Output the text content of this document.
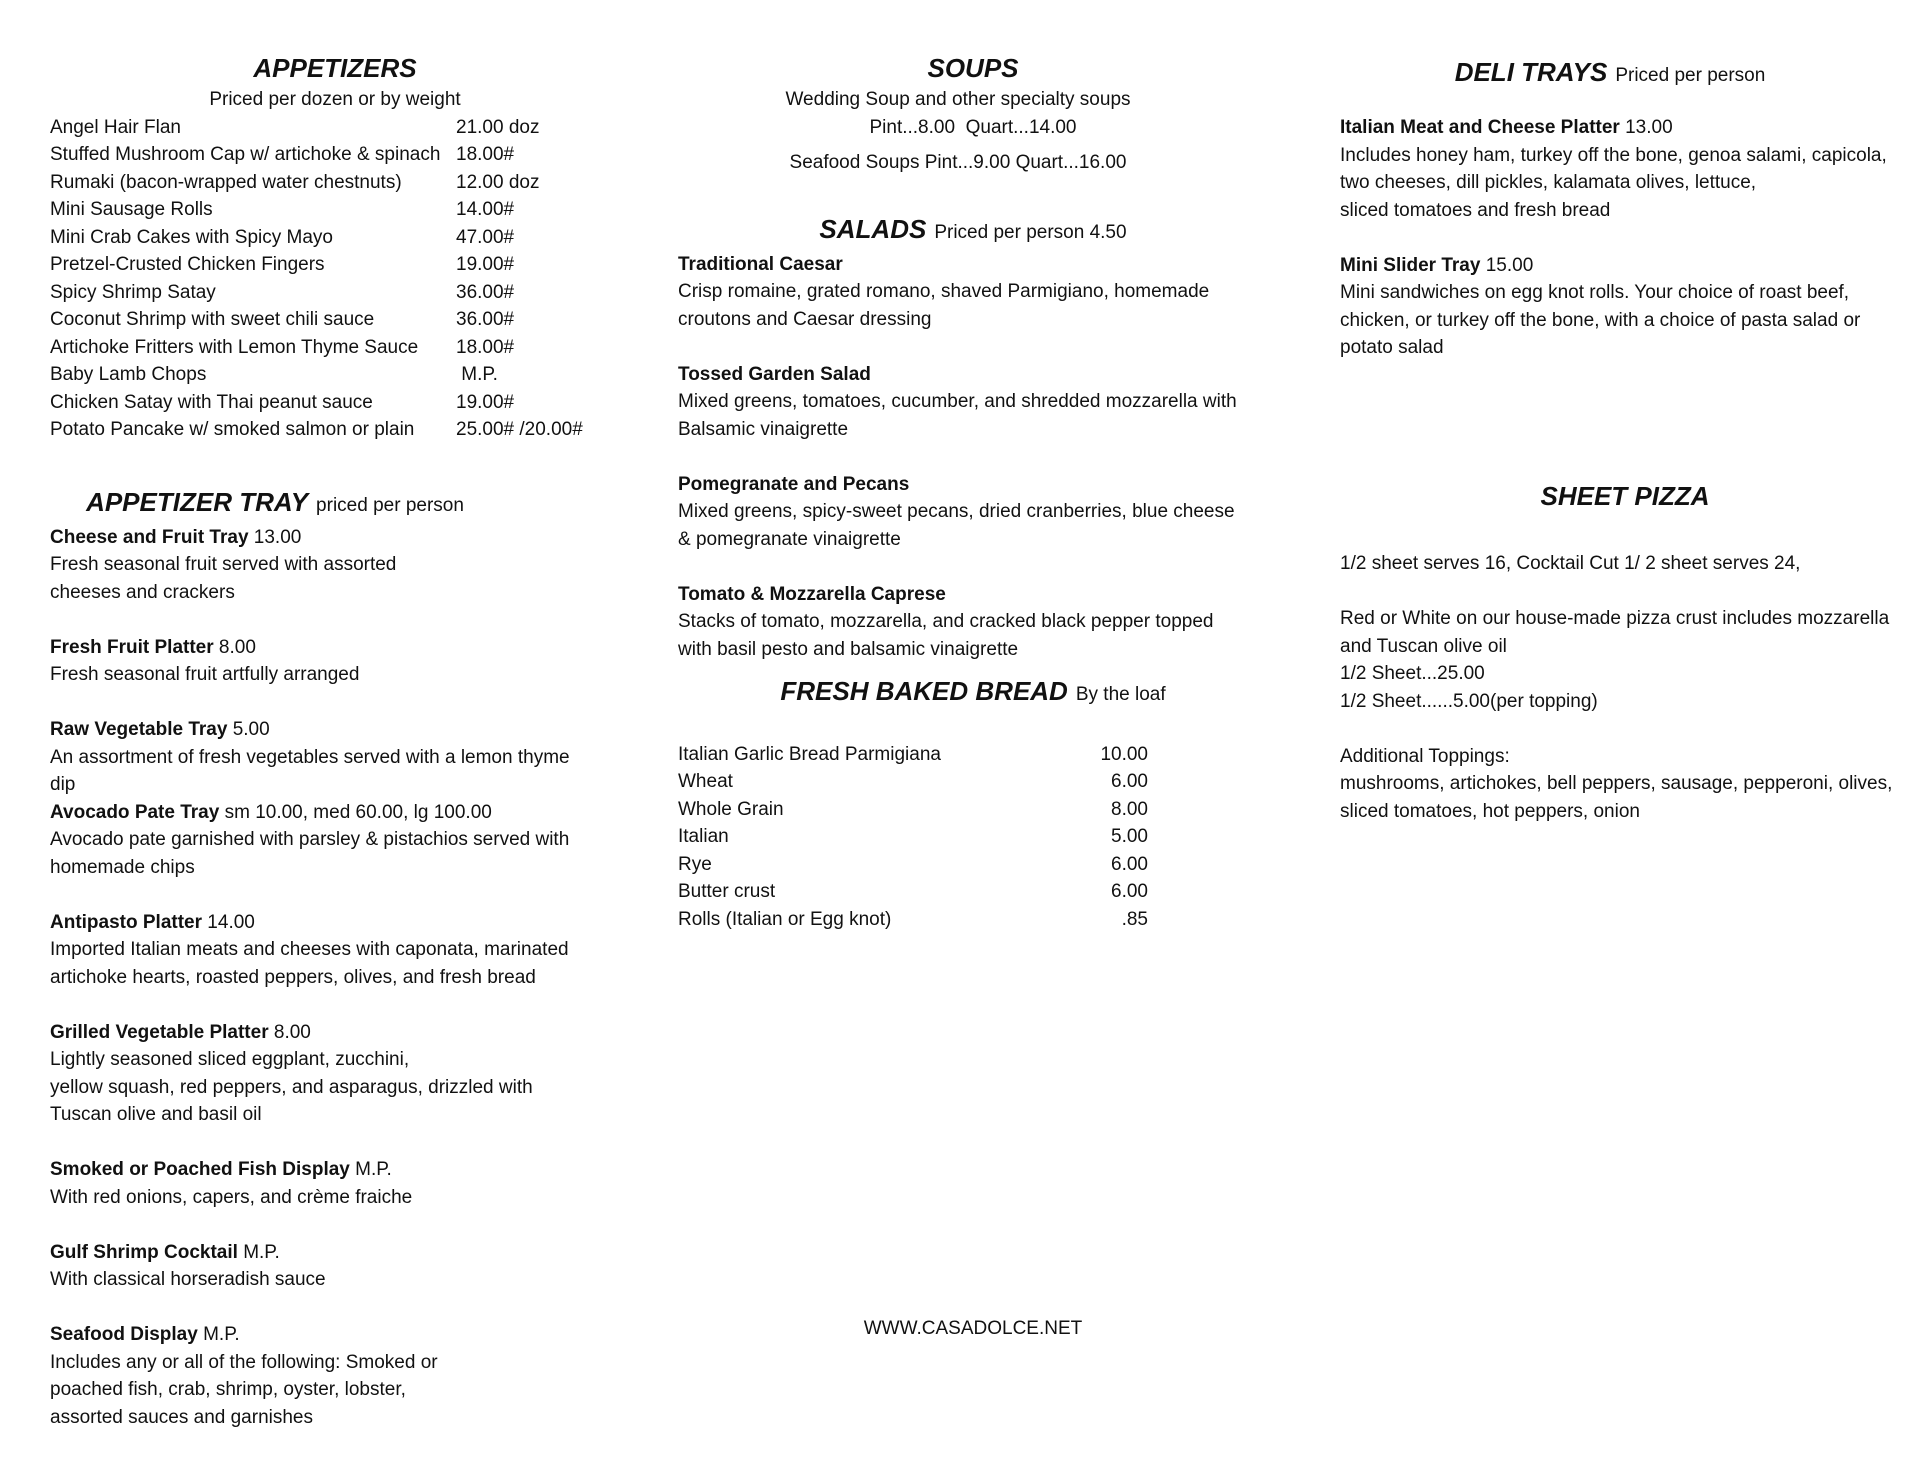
APPETIZERS

Priced per dozen or by weight

Angel Hair Flan	21.00 doz
Stuffed Mushroom Cap w/ artichoke & spinach 18.00#
Rumaki (bacon-wrapped water chestnuts)	12.00 doz
Mini Sausage Rolls	14.00#
Mini Crab Cakes with Spicy Mayo	47.00#
Pretzel-Crusted Chicken Fingers	19.00#
Spicy Shrimp Satay	36.00#
Coconut Shrimp with sweet chili sauce	36.00#
Artichoke Fritters with Lemon Thyme Sauce	18.00#
Baby Lamb Chops	M.P.
Chicken Satay with Thai peanut sauce	19.00#
Potato Pancake w/ smoked salmon or plain	25.00# /20.00#
APPETIZER TRAY priced per person

Cheese and Fruit Tray 13.00

Fresh seasonal fruit served with assorted

cheeses and crackers

Fresh Fruit Platter 8.00

Fresh seasonal fruit artfully arranged

Raw Vegetable Tray 5.00

An assortment of fresh vegetables served with a lemon thyme

dip

Avocado Pate Tray sm 10.00, med 60.00, lg 100.00

Avocado pate garnished with parsley & pistachios served with

homemade chips

Antipasto Platter 14.00

Imported Italian meats and cheeses with caponata, marinated

artichoke hearts, roasted peppers, olives, and fresh bread

Grilled Vegetable Platter 8.00

Lightly seasoned sliced eggplant, zucchini,

yellow squash, red peppers, and asparagus, drizzled with

Tuscan olive and basil oil

Smoked or Poached Fish Display M.P.

With red onions, capers, and crème fraiche

Gulf Shrimp Cocktail M.P.

With classical horseradish sauce

Seafood Display M.P.

Includes any or all of the following: Smoked or

poached fish, crab, shrimp, oyster, lobster,

assorted sauces and garnishes

SOUPS

Wedding Soup and other specialty soups

Pint...8.00  Quart...14.00

Seafood Soups Pint...9.00 Quart...16.00

SALADS Priced per person 4.50

Traditional Caesar

Crisp romaine, grated romano, shaved Parmigiano, homemade

croutons and Caesar dressing

Tossed Garden Salad

Mixed greens, tomatoes, cucumber, and shredded mozzarella with

Balsamic vinaigrette

Pomegranate and Pecans

Mixed greens, spicy-sweet pecans, dried cranberries, blue cheese

& pomegranate vinaigrette

Tomato & Mozzarella Caprese

Stacks of tomato, mozzarella, and cracked black pepper topped

with basil pesto and balsamic vinaigrette

FRESH BAKED BREAD By the loaf
Italian Garlic Bread Parmigiana	10.00
Wheat	6.00
Whole Grain	8.00
Italian	5.00
Rye	6.00
Butter crust	6.00
Rolls (Italian or Egg knot)	.85

WWW.CASADOLCE.NET

DELI TRAYS Priced per person

Italian Meat and Cheese Platter 13.00

Includes honey ham, turkey off the bone, genoa salami, capicola,

two cheeses, dill pickles, kalamata olives, lettuce,

sliced tomatoes and fresh bread

Mini Slider Tray 15.00

Mini sandwiches on egg knot rolls. Your choice of roast beef,

chicken, or turkey off the bone, with a choice of pasta salad or

potato salad

SHEET PIZZA

1/2 sheet serves 16, Cocktail Cut 1/ 2 sheet serves 24,

Red or White on our house-made pizza crust includes mozzarella

and Tuscan olive oil

1/2 Sheet...25.00

1/2 Sheet......5.00(per topping)

Additional Toppings:

mushrooms, artichokes, bell peppers, sausage, pepperoni, olives,

sliced tomatoes, hot peppers, onion
